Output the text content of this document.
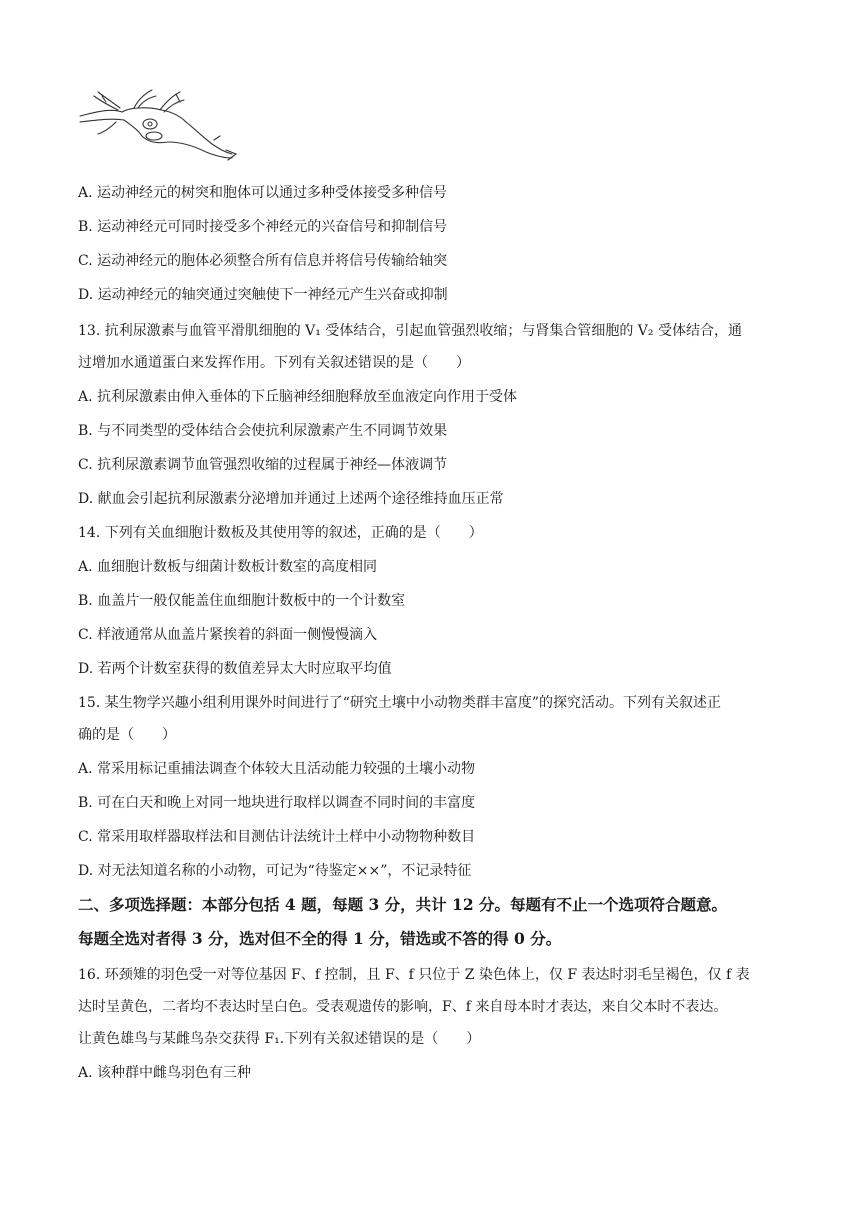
A. 运动神经元的树突和胞体可以通过多种受体接受多种信号
B. 运动神经元可同时接受多个神经元的兴奋信号和抑制信号
C. 运动神经元的胞体必须整合所有信息并将信号传输给轴突
D. 运动神经元的轴突通过突触使下一神经元产生兴奋或抑制
13. 抗利尿激素与血管平滑肌细胞的 V₁ 受体结合，引起血管强烈收缩；与肾集合管细胞的 V₂ 受体结合，通
过增加水通道蛋白来发挥作用。下列有关叙述错误的是（　　）
A. 抗利尿激素由伸入垂体的下丘脑神经细胞释放至血液定向作用于受体
B. 与不同类型的受体结合会使抗利尿激素产生不同调节效果
C. 抗利尿激素调节血管强烈收缩的过程属于神经—体液调节
D. 献血会引起抗利尿激素分泌增加并通过上述两个途径维持血压正常
14. 下列有关血细胞计数板及其使用等的叙述，正确的是（　　）
A. 血细胞计数板与细菌计数板计数室的高度相同
B. 血盖片一般仅能盖住血细胞计数板中的一个计数室
C. 样液通常从血盖片紧挨着的斜面一侧慢慢滴入
D. 若两个计数室获得的数值差异太大时应取平均值
15. 某生物学兴趣小组利用课外时间进行了“研究土壤中小动物类群丰富度”的探究活动。下列有关叙述正
确的是（　　）
A. 常采用标记重捕法调查个体较大且活动能力较强的土壤小动物
B. 可在白天和晚上对同一地块进行取样以调查不同时间的丰富度
C. 常采用取样器取样法和目测估计法统计土样中小动物物种数目
D. 对无法知道名称的小动物，可记为“待鉴定××”，不记录特征
二、多项选择题：本部分包括 4 题，每题 3 分，共计 12 分。每题有不止一个选项符合题意。
每题全选对者得 3 分，选对但不全的得 1 分，错选或不答的得 0 分。
16. 环颈雉的羽色受一对等位基因 F、f 控制，且 F、f 只位于 Z 染色体上，仅 F 表达时羽毛呈褐色，仅 f 表
达时呈黄色，二者均不表达时呈白色。受表观遗传的影响，F、f 来自母本时才表达，来自父本时不表达。
让黄色雄鸟与某雌鸟杂交获得 F₁.下列有关叙述错误的是（　　）
A. 该种群中雌鸟羽色有三种
